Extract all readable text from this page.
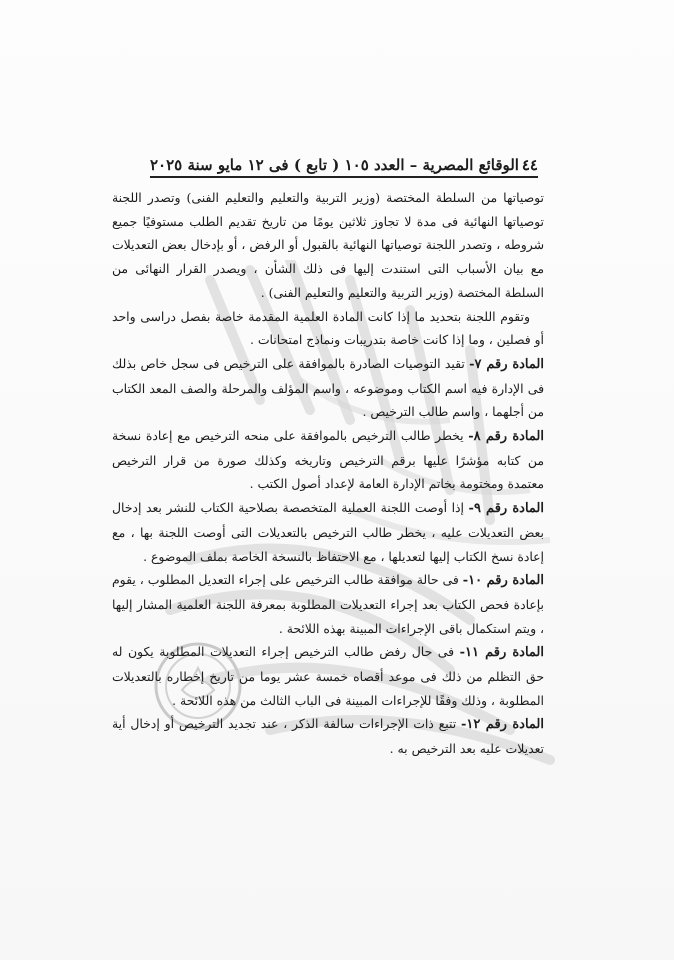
٤٤
الوقائع المصرية – العدد ١٠٥ ( تابع ) فى ١٢ مايو سنة ٢٠٢٥

توصياتها من السلطة المختصة (وزير التربية والتعليم والتعليم الفنى) وتصدر اللجنة توصياتها النهائية فى مدة لا تجاوز ثلاثين يومًا من تاريخ تقديم الطلب مستوفيًا جميع شروطه ، وتصدر اللجنة توصياتها النهائية بالقبول أو الرفض ، أو بإدخال بعض التعديلات مع بيان الأسباب التى استندت إليها فى ذلك الشأن ، ويصدر القرار النهائى من السلطة المختصة (وزير التربية والتعليم والتعليم الفنى) .

وتقوم اللجنة بتحديد ما إذا كانت المادة العلمية المقدمة خاصة بفصل دراسى واحد أو فصلين ، وما إذا كانت خاصة بتدريبات ونماذج امتحانات .

المادة رقم ٧- تقيد التوصيات الصادرة بالموافقة على الترخيص فى سجل خاص بذلك فى الإدارة فيه اسم الكتاب وموضوعه ، واسم المؤلف والمرحلة والصف المعد الكتاب من أجلهما ، واسم طالب الترخيص .

المادة رقم ٨- يخطر طالب الترخيص بالموافقة على منحه الترخيص مع إعادة نسخة من كتابه مؤشرًا عليها برقم الترخيص وتاريخه وكذلك صورة من قرار الترخيص معتمدة ومختومة بخاتم الإدارة العامة لإعداد أصول الكتب .

المادة رقم ٩- إذا أوصت اللجنة العملية المتخصصة بصلاحية الكتاب للنشر بعد إدخال بعض التعديلات عليه ، يخطر طالب الترخيص بالتعديلات التى أوصت اللجنة بها ، مع إعادة نسخ الكتاب إليها لتعديلها ، مع الاحتفاظ بالنسخة الخاصة بملف الموضوع .

المادة رقم ١٠- فى حالة موافقة طالب الترخيص على إجراء التعديل المطلوب ، يقوم بإعادة فحص الكتاب بعد إجراء التعديلات المطلوبة بمعرفة اللجنة العلمية المشار إليها ، ويتم استكمال باقى الإجراءات المبينة بهذه اللائحة .

المادة رقم ١١- فى حال رفض طالب الترخيص إجراء التعديلات المطلوبة يكون له حق التظلم من ذلك فى موعد أقصاه خمسة عشر يوما من تاريخ إخطاره بالتعديلات المطلوبة ، وذلك وفقًا للإجراءات المبينة فى الباب الثالث من هذه اللائحة .

المادة رقم ١٢- تتبع ذات الإجراءات سالفة الذكر ، عند تجديد الترخيص أو إدخال أية تعديلات عليه بعد الترخيص به .
